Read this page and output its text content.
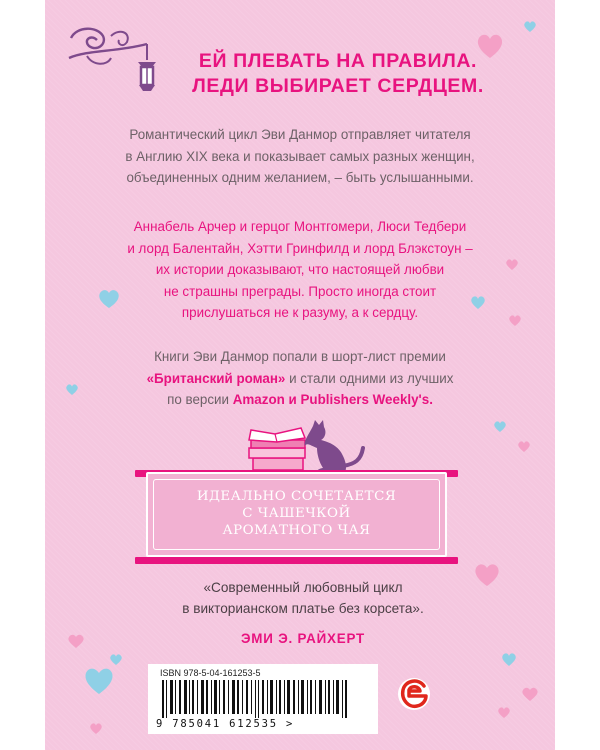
ЕЙ ПЛЕВАТЬ НА ПРАВИЛА.
ЛЕДИ ВЫБИРАЕТ СЕРДЦЕМ.
Романтический цикл Эви Данмор отправляет читателя
в Англию XIX века и показывает самых разных женщин,
объединенных одним желанием, – быть услышанными.
Аннабель Арчер и герцог Монтгомери, Люси Тедбери
и лорд Балентайн, Хэтти Гринфилд и лорд Блэкстоун –
их истории доказывают, что настоящей любви
не страшны преграды. Просто иногда стоит
прислушаться не к разуму, а к сердцу.
Книги Эви Данмор попали в шорт-лист премии
«Британский роман» и стали одними из лучших
по версии Amazon и Publishers Weekly's.
ИДЕАЛЬНО СОЧЕТАЕТСЯ
С ЧАШЕЧКОЙ
АРОМАТНОГО ЧАЯ
«Современный любовный цикл
в викторианском платье без корсета».
ЭМИ Э. РАЙХЕРТ
ISBN 978-5-04-161253-5
9 785041 612535 >
